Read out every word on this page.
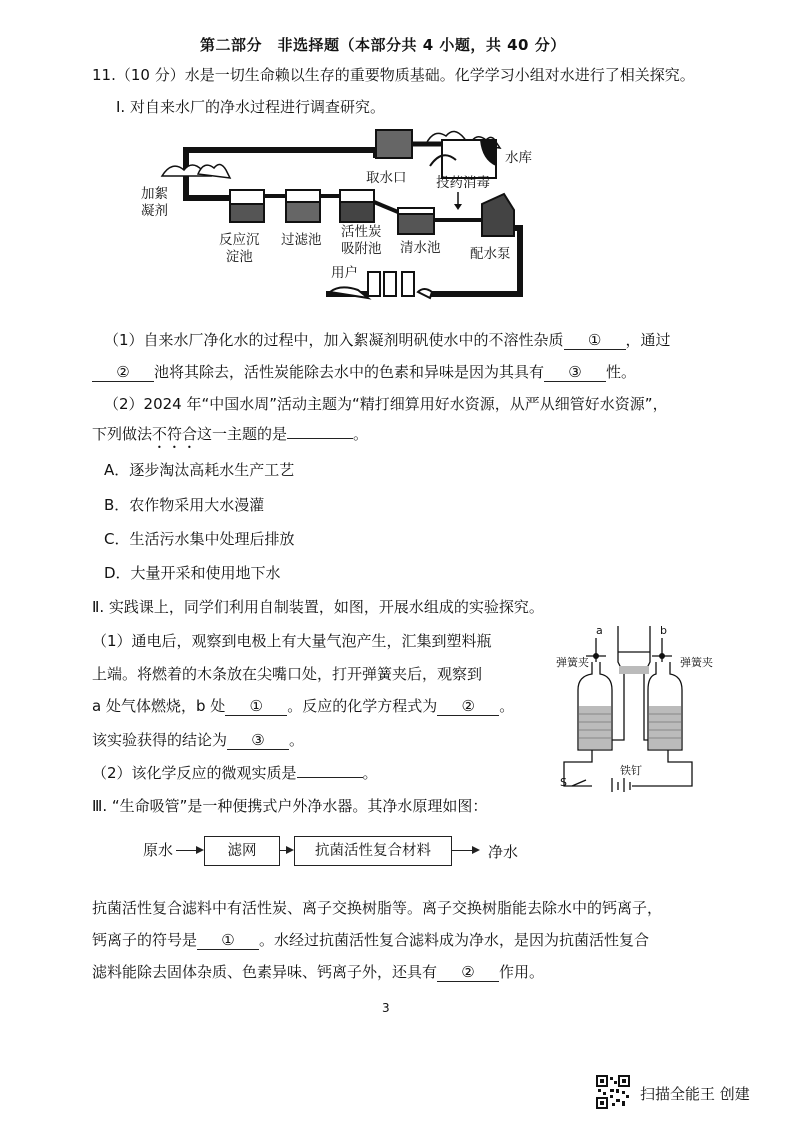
第二部分　非选择题（本部分共 4 小题，共 40 分）
11.（10 分）水是一切生命赖以生存的重要物质基础。化学学习小组对水进行了相关探究。
Ⅰ. 对自来水厂的净水过程进行调查研究。
加絮
凝剂
取水口
水库
投药消毒
反应沉
淀池
过滤池 活性炭
吸附池 清水池 配水泵
用户
（1）自来水厂净化水的过程中，加入絮凝剂明矾使水中的不溶性杂质 ① ，通过
② 池将其除去，活性炭能除去水中的色素和异味是因为其具有 ③ 性。
（2）2024 年“中国水周”活动主题为“精打细算用好水资源，从严从细管好水资源”，
下列做法不符合这一主题的是	。
A．逐步淘汰高耗水生产工艺
B．农作物采用大水漫灌
C．生活污水集中处理后排放
D．大量开采和使用地下水
Ⅱ. 实践课上，同学们利用自制装置，如图，开展水组成的实验探究。
（1）通电后，观察到电极上有大量气泡产生，汇集到塑料瓶
上端。将燃着的木条放在尖嘴口处，打开弹簧夹后，观察到
a 处气体燃烧，b 处 ① 。反应的化学方程式为 ② 。
该实验获得的结论为 ③ 。
（2）该化学反应的微观实质是	。
a	b
弹簧夹	弹簧夹
铁钉
S
Ⅲ. “生命吸管”是一种便携式户外净水器。其净水原理如图：
原水	滤网	抗菌活性复合材料	净水
抗菌活性复合滤料中有活性炭、离子交换树脂等。离子交换树脂能去除水中的钙离子，
钙离子的符号是 ① 。水经过抗菌活性复合滤料成为净水，是因为抗菌活性复合
滤料能除去固体杂质、色素异味、钙离子外，还具有 ② 作用。
3
扫描全能王 创建
